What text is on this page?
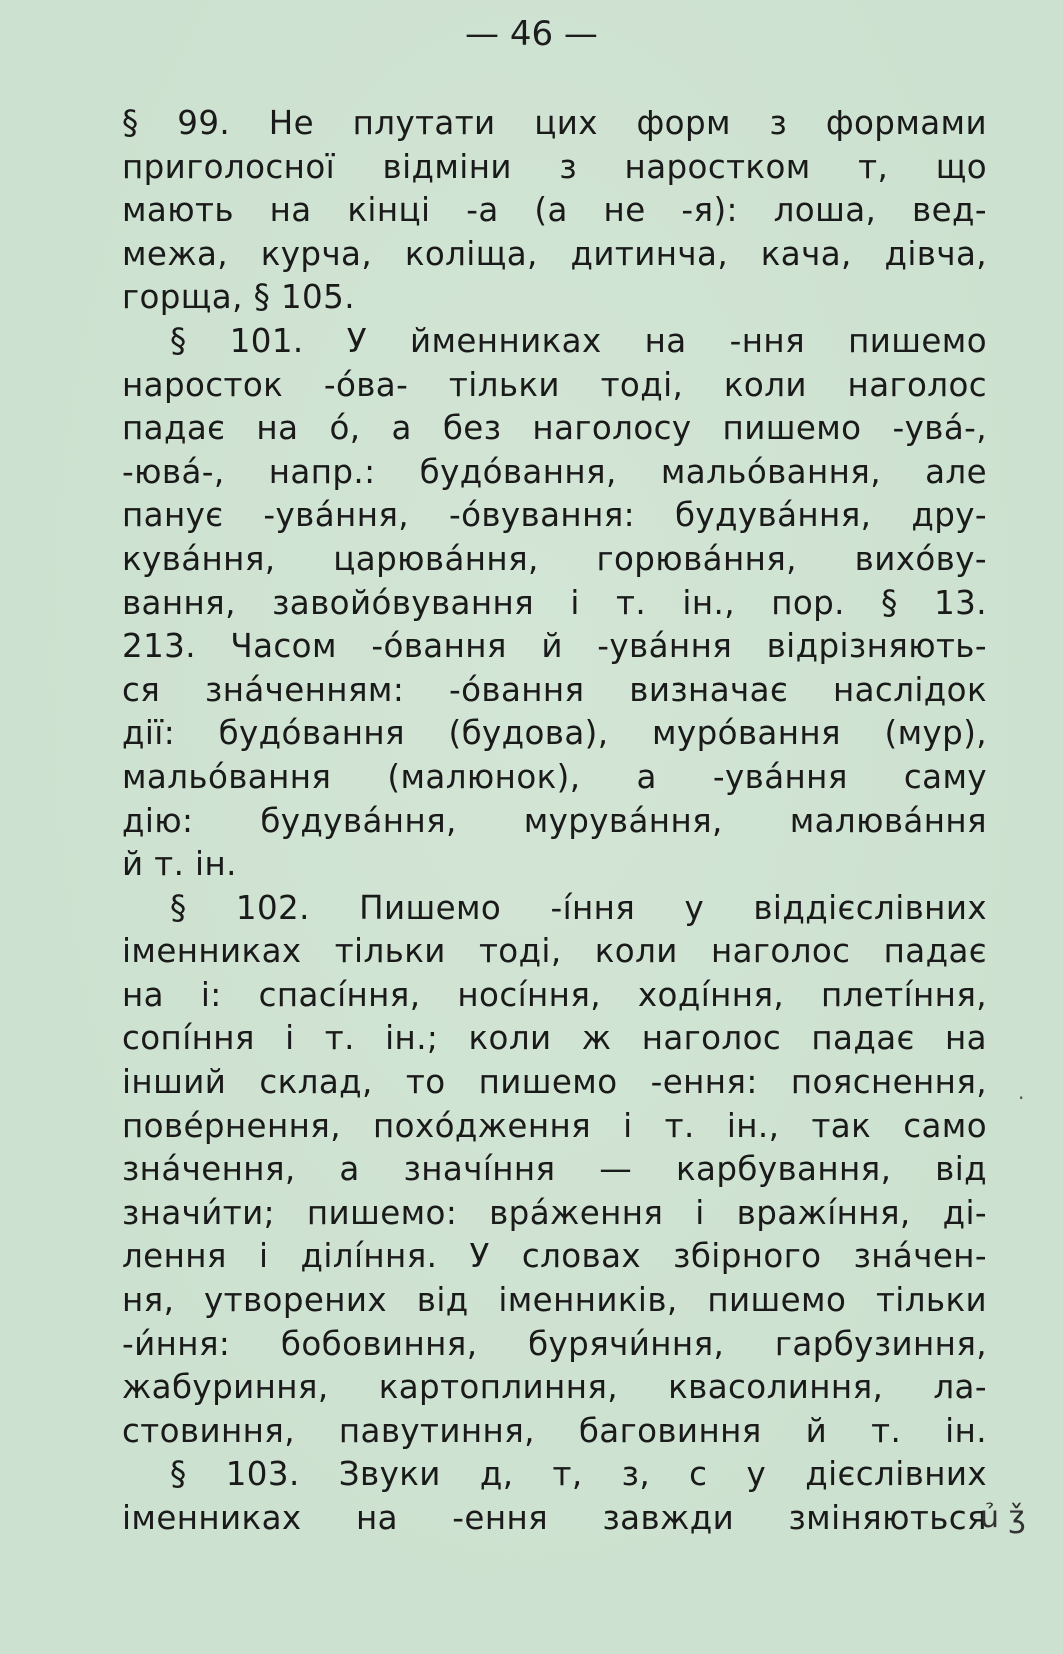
— 46 —
§ 99. Не плутати цих форм з формами
приголосної відміни з наростком т, що
мають на кінці -а (а не -я): лоша, вед-
межа, курча, коліща, дитинча, кача, дівча,
горща, § 105.
§ 101. У йменниках на -ння пишемо
наросток -о́ва- тільки тоді, коли наголос
падає на о́, а без наголосу пишемо -ува́-,
-юва́-, напр.: будо́вання, мальо́вання, але
панує -ува́ння, -о́вування: будува́ння, дру-
кува́ння, царюва́ння, горюва́ння, вихо́ву-
вання, завойо́вування і т. ін., пор. § 13.
213. Часом -о́вання й -ува́ння відрізняють-
ся зна́ченням: -о́вання визначає наслідок
дії: будо́вання (будова), муро́вання (мур),
мальо́вання (малюнок), а -ува́ння саму
дію: будува́ння, мурува́ння, малюва́ння
й т. ін.
§ 102. Пишемо -і́ння у віддієслівних
іменниках тільки тоді, коли наголос падає
на і: спасі́ння, носі́ння, ході́ння, плеті́ння,
сопі́ння і т. ін.; коли ж наголос падає на
інший склад, то пишемо -ення: пояснення,
пове́рнення, похо́дження і т. ін., так само
зна́чення, а значі́ння — карбування, від
значи́ти; пишемо: вра́ження і вражі́ння, ді-
лення і ділі́ння. У словах збірного зна́чен-
ня, утворених від іменників, пишемо тільки
-и́ння: бобовиння, бурячи́ння, гарбузиння,
жабуриння, картоплиння, квасолиння, ла-
стовиння, павутиння, баговиння й т. ін.
§ 103. Звуки д, т, з, с у дієслівних
іменниках на -ення завжди зміняються
.
ủ ǯ
